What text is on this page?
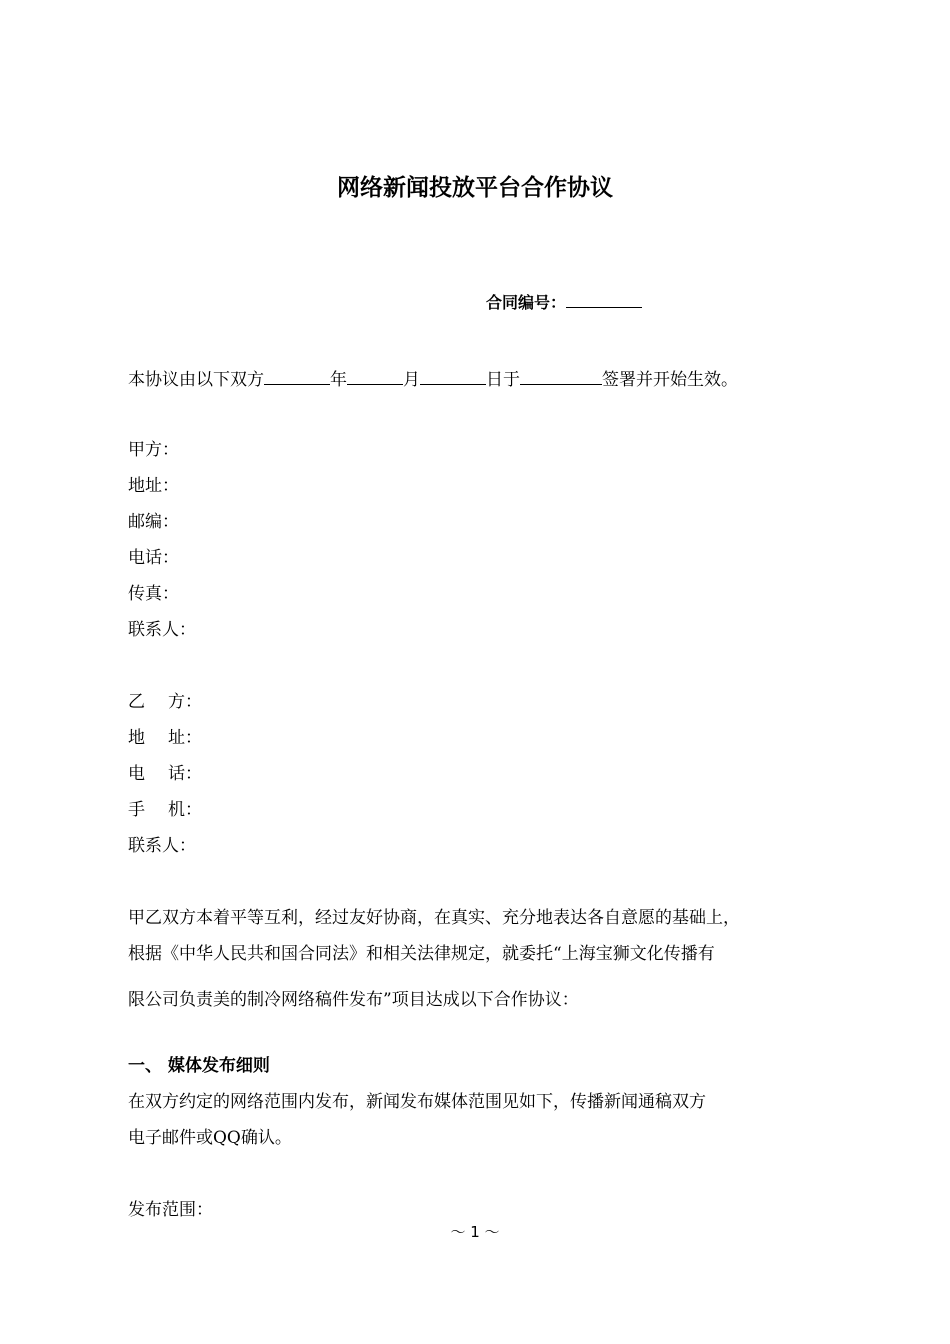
网络新闻投放平台合作协议
合同编号：
本协议由以下双方	年	月	日于	签署并开始生效。
甲方：
地址：
邮编：
电话：
传真：
联系人：
乙 方：
地 址：
电 话：
手 机：
联系人：
甲乙双方本着平等互利，经过友好协商，在真实、充分地表达各自意愿的基础上，
根据《中华人民共和国合同法》和相关法律规定，就委托“上海宝狮文化传播有
限公司负责美的制冷网络稿件发布”项目达成以下合作协议：
一、 媒体发布细则
在双方约定的网络范围内发布，新闻发布媒体范围见如下，传播新闻通稿双方
电子邮件或QQ确认。
发布范围：
～ 1 ～
